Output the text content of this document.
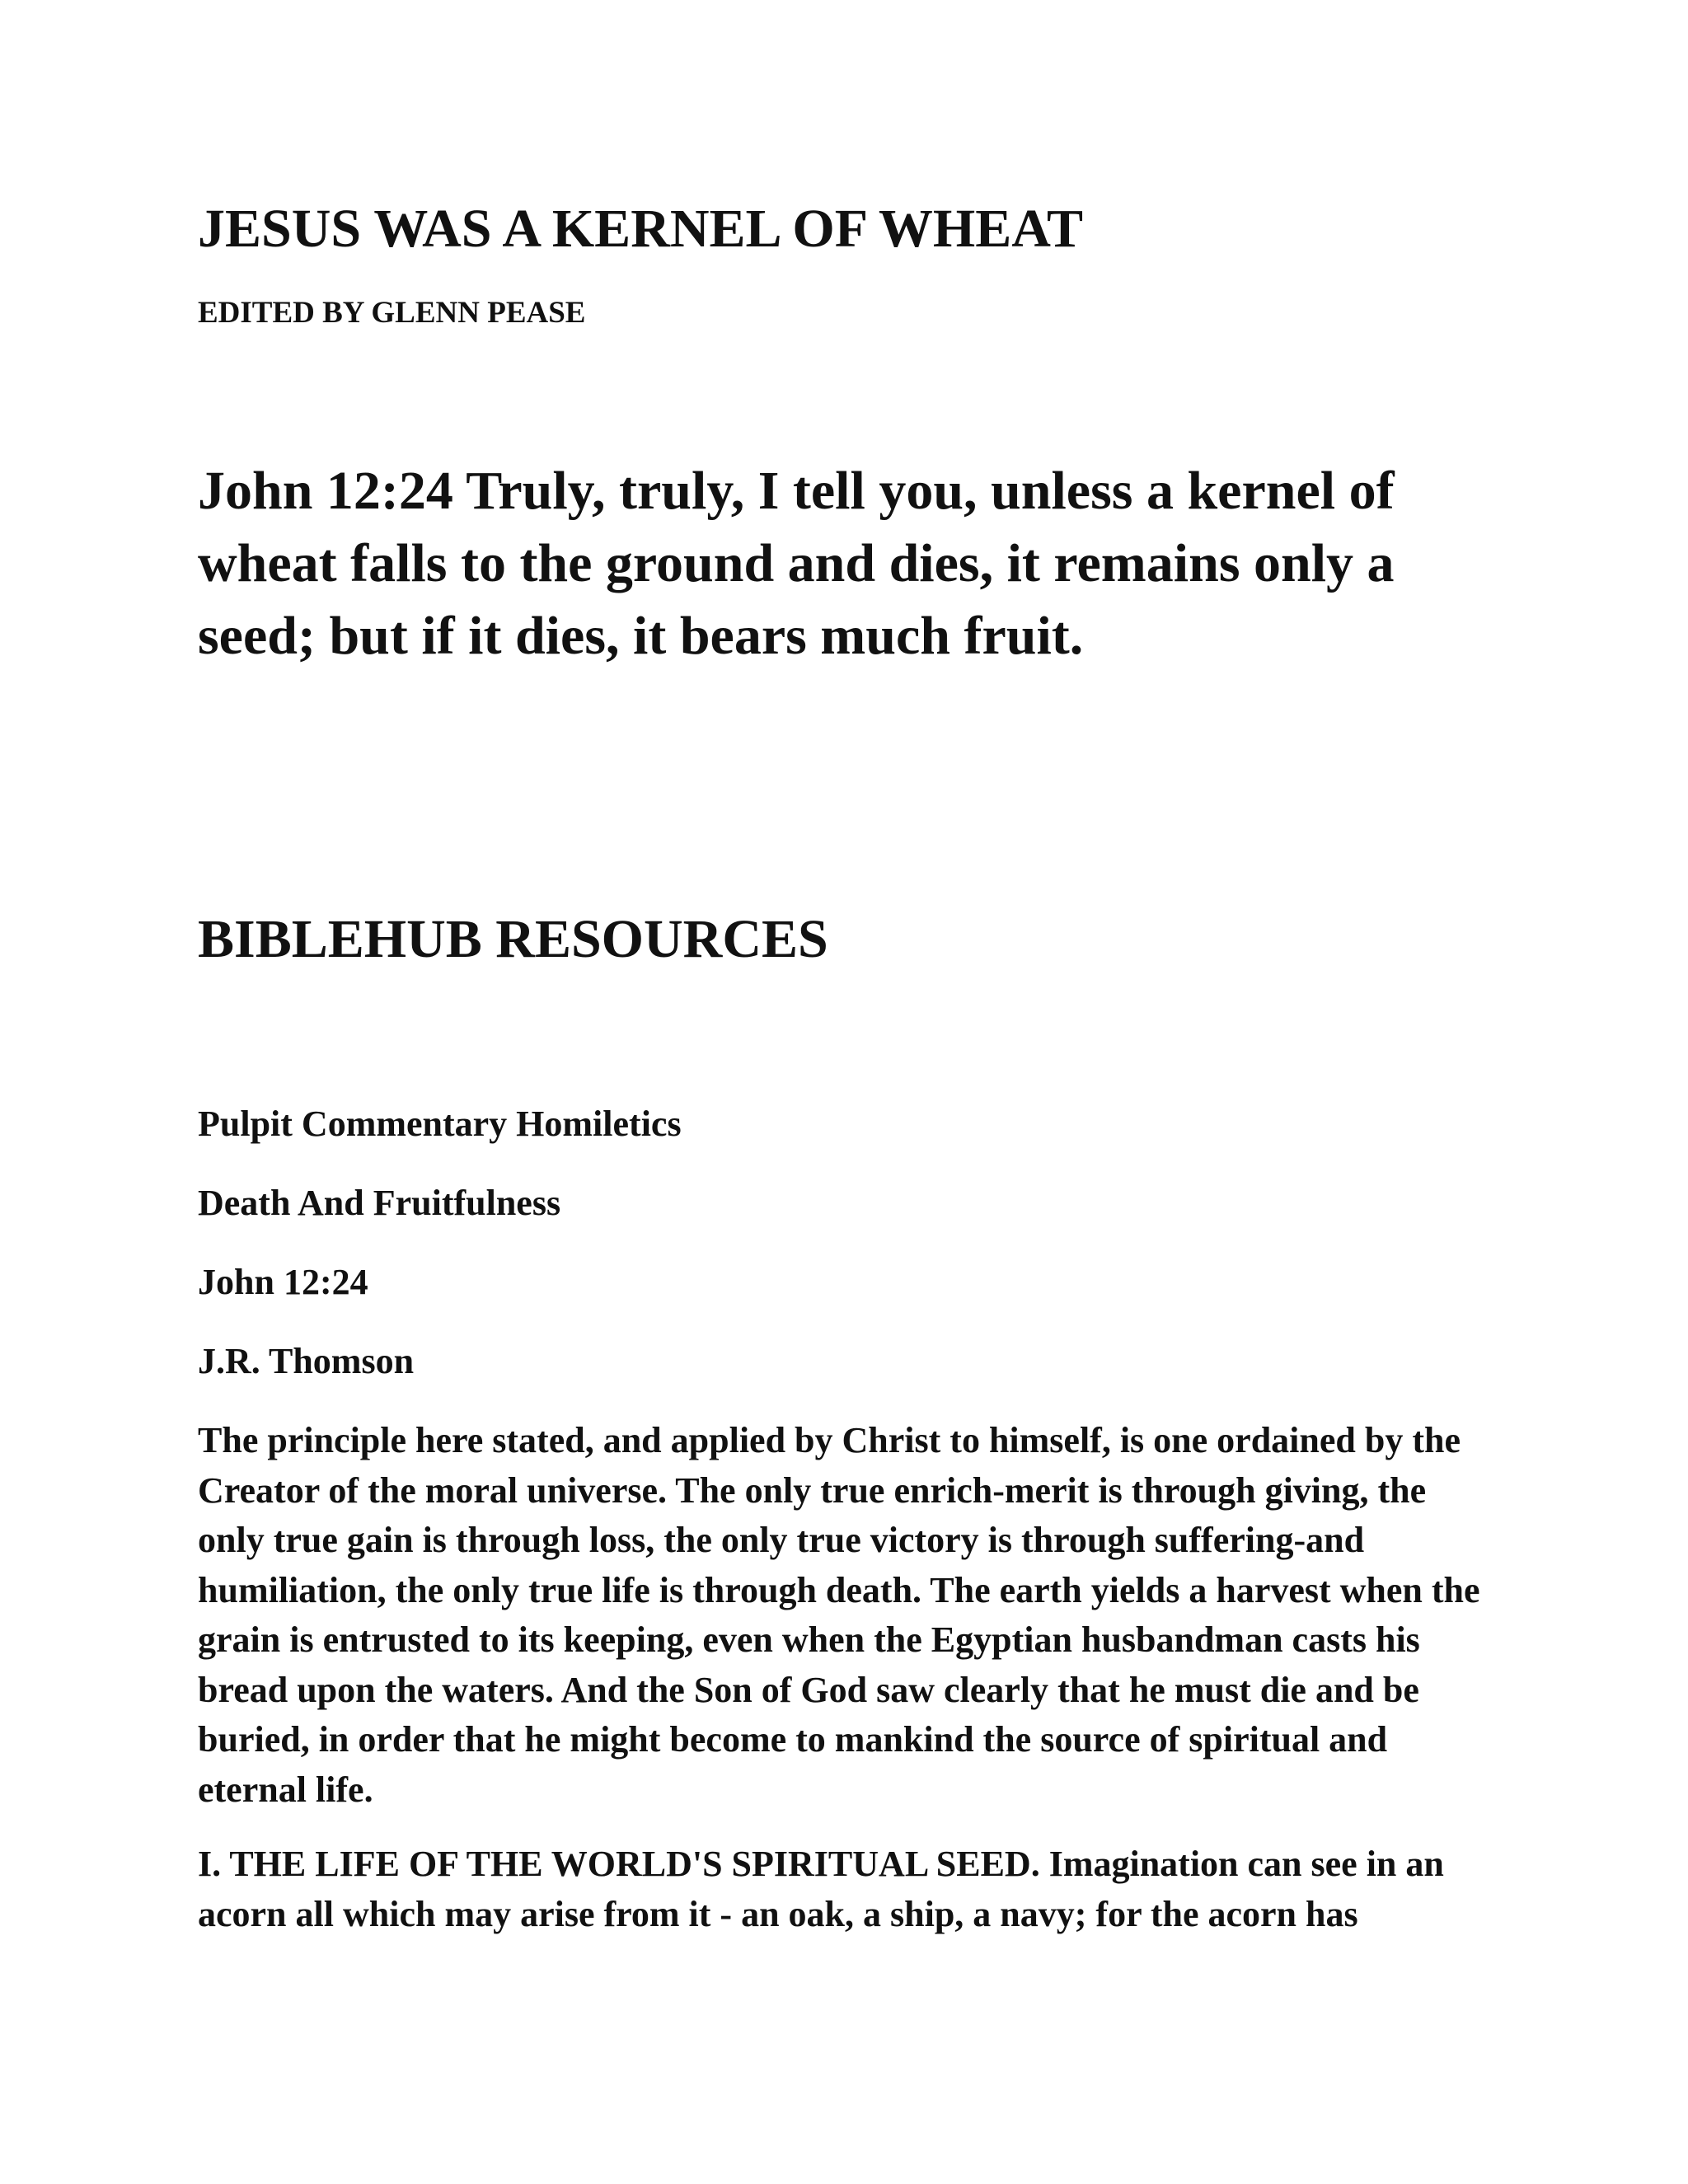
JESUS WAS A KERNEL OF WHEAT

EDITED BY GLENN PEASE

John 12:24 Truly, truly, I tell you, unless a kernel of wheat falls to the ground and dies, it remains only a seed; but if it dies, it bears much fruit.

BIBLEHUB RESOURCES

Pulpit Commentary Homiletics

Death And Fruitfulness

John 12:24

J.R. Thomson

The principle here stated, and applied by Christ to himself, is one ordained by the Creator of the moral universe. The only true enrich-merit is through giving, the only true gain is through loss, the only true victory is through suffering-and humiliation, the only true life is through death. The earth yields a harvest when the grain is entrusted to its keeping, even when the Egyptian husbandman casts his bread upon the waters. And the Son of God saw clearly that he must die and be buried, in order that he might become to mankind the source of spiritual and eternal life.

I. THE LIFE OF THE WORLD'S SPIRITUAL SEED. Imagination can see in an acorn all which may arise from it - an oak, a ship, a navy; for the acorn has
